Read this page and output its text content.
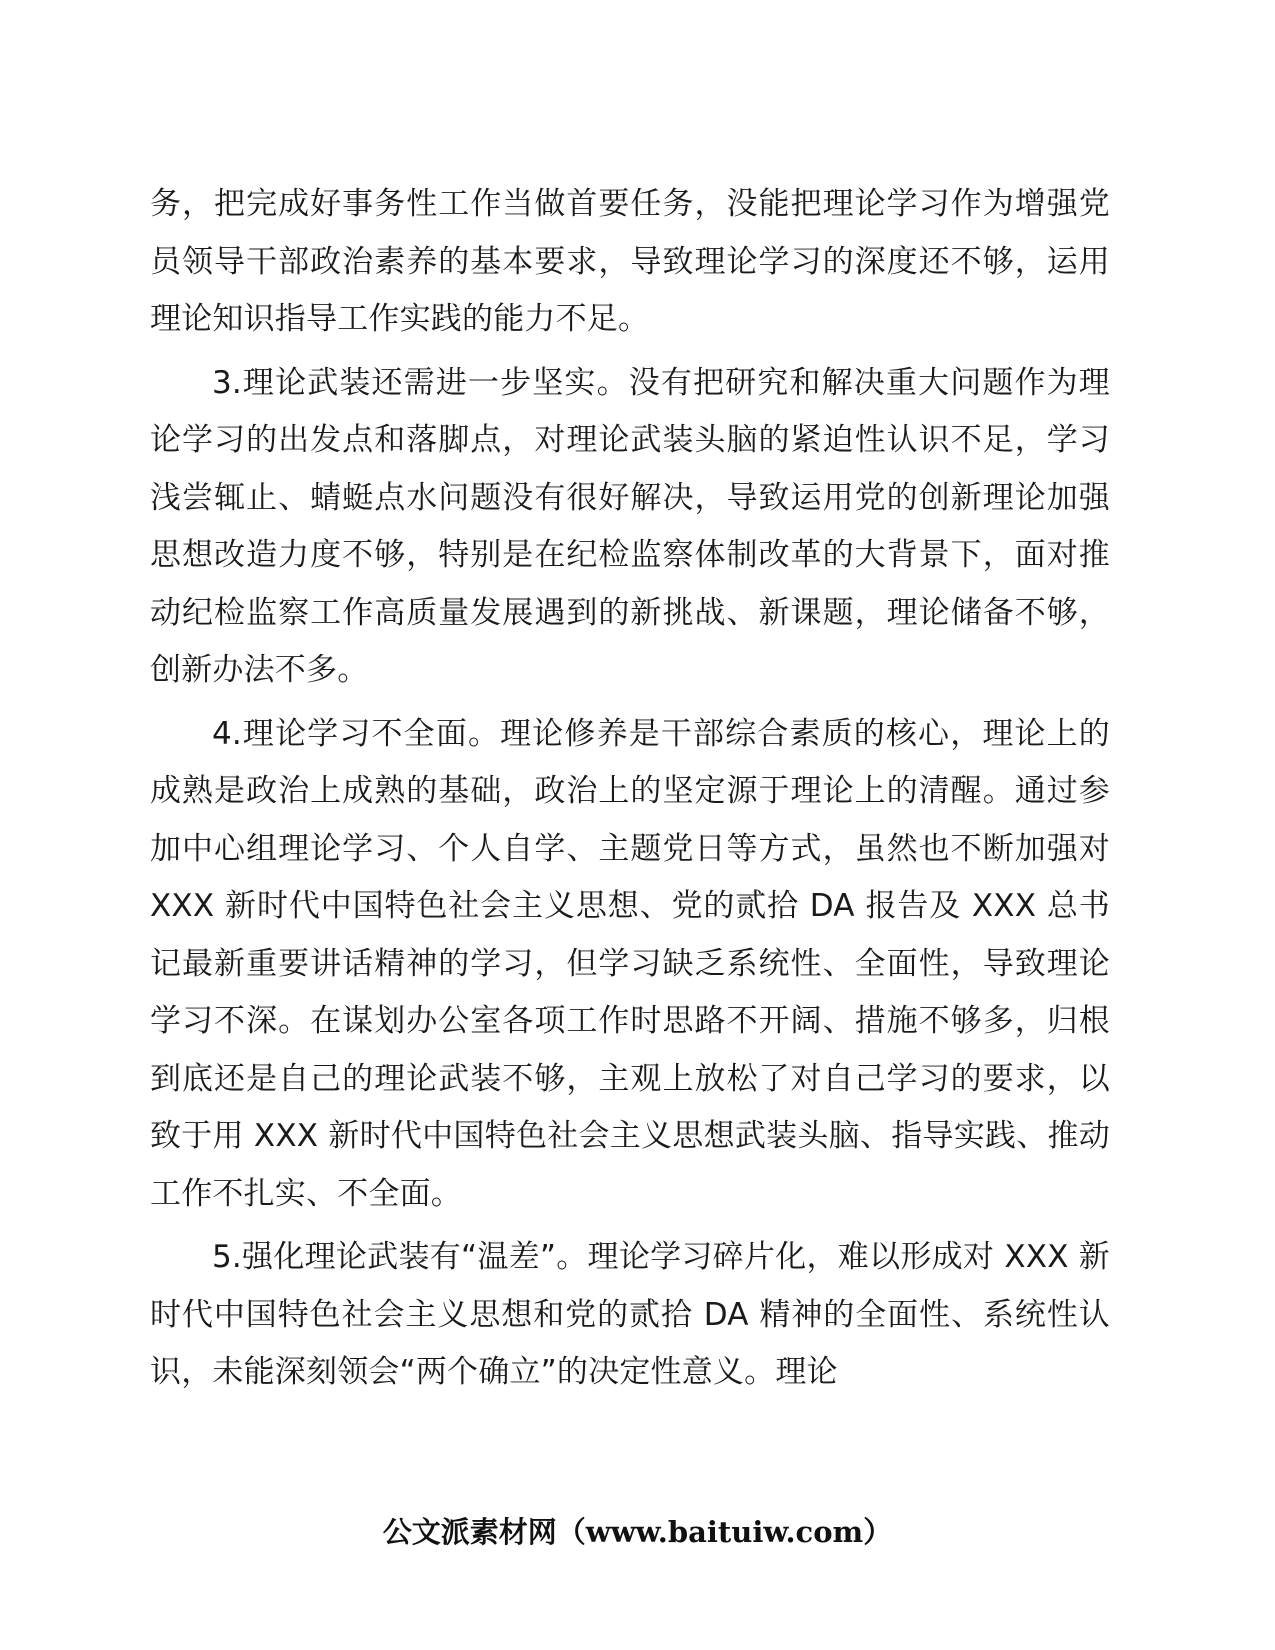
务，把完成好事务性工作当做首要任务，没能把理论学习作为增强党员领导干部政治素养的基本要求，导致理论学习的深度还不够，运用理论知识指导工作实践的能力不足。

3.理论武装还需进一步坚实。没有把研究和解决重大问题作为理论学习的出发点和落脚点，对理论武装头脑的紧迫性认识不足，学习浅尝辄止、蜻蜓点水问题没有很好解决，导致运用党的创新理论加强思想改造力度不够，特别是在纪检监察体制改革的大背景下，面对推动纪检监察工作高质量发展遇到的新挑战、新课题，理论储备不够，创新办法不多。

4.理论学习不全面。理论修养是干部综合素质的核心，理论上的成熟是政治上成熟的基础，政治上的坚定源于理论上的清醒。通过参加中心组理论学习、个人自学、主题党日等方式，虽然也不断加强对 XXX 新时代中国特色社会主义思想、党的贰拾 DA 报告及 XXX 总书记最新重要讲话精神的学习，但学习缺乏系统性、全面性，导致理论学习不深。在谋划办公室各项工作时思路不开阔、措施不够多，归根到底还是自己的理论武装不够，主观上放松了对自己学习的要求，以致于用 XXX 新时代中国特色社会主义思想武装头脑、指导实践、推动工作不扎实、不全面。

5.强化理论武装有“温差”。理论学习碎片化，难以形成对 XXX 新时代中国特色社会主义思想和党的贰拾 DA 精神的全面性、系统性认识，未能深刻领会“两个确立”的决定性意义。理论

公文派素材网（www.baituiw.com）
